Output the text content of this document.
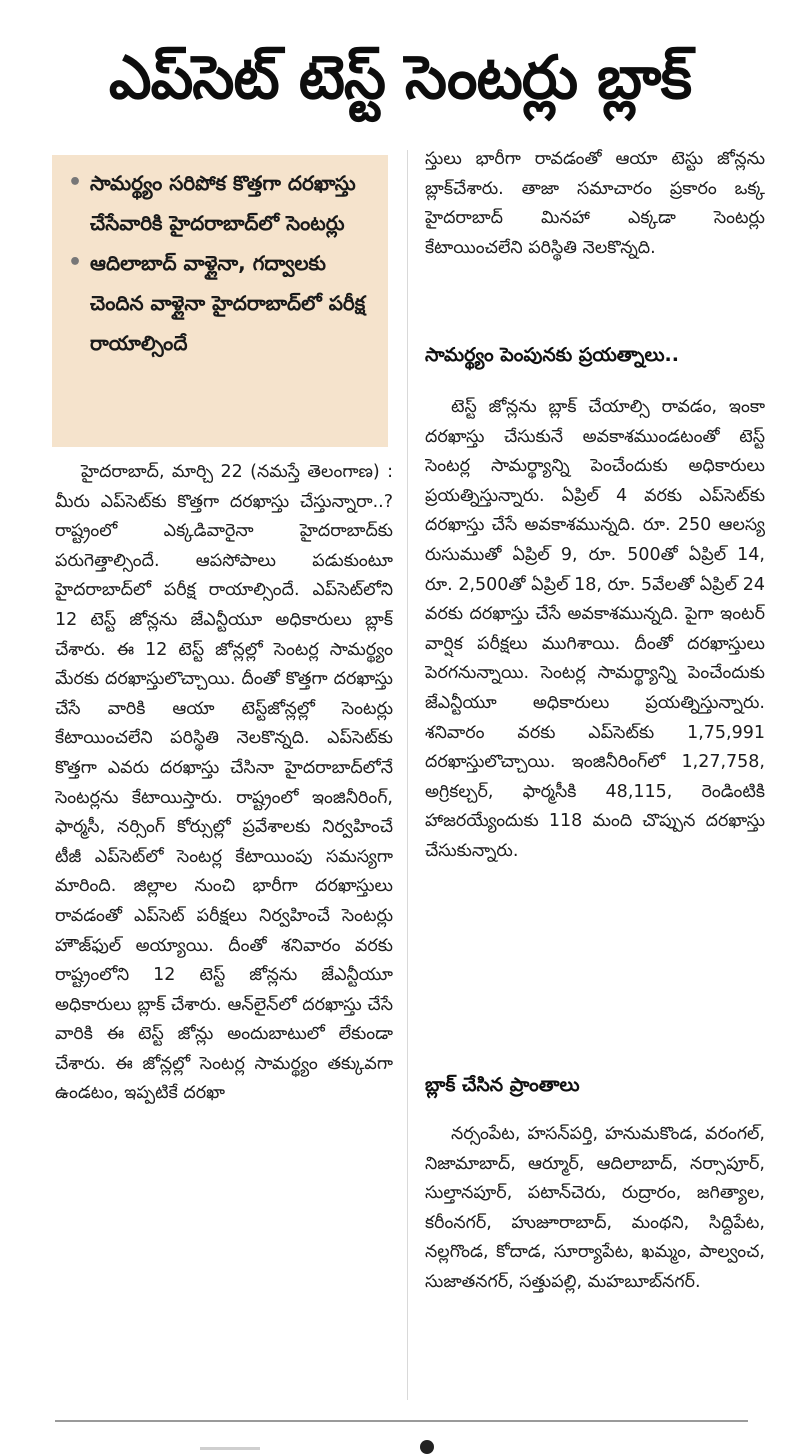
ఎప్‌సెట్ టెస్ట్ సెంటర్లు బ్లాక్
• సామర్థ్యం సరిపోక కొత్తగా దరఖాస్తు చేసేవారికి హైదరాబాద్‌లో సెంటర్లు
• ఆదిలాబాద్ వాళ్లైనా, గద్వాలకు చెందిన వాళ్లైనా హైదరాబాద్‌లో పరీక్ష రాయాల్సిందే

హైదరాబాద్, మార్చి 22 (నమస్తే తెలంగాణ) : మీరు ఎప్‌సెట్‌కు కొత్తగా దరఖాస్తు చేస్తున్నారా..? రాష్ట్రంలో ఎక్కడివారైనా హైదరాబాద్‌కు పరుగెత్తాల్సిందే. ఆపసోపాలు పడుకుంటూ హైదరాబాద్‌లో పరీక్ష రాయాల్సిందే. ఎప్‌సెట్‌లోని 12 టెస్ట్ జోన్లను జేఎన్టీయూ అధికారులు బ్లాక్ చేశారు. ఈ 12 టెస్ట్ జోన్లల్లో సెంటర్ల సామర్థ్యం మేరకు దరఖాస్తులొచ్చాయి. దీంతో కొత్తగా దరఖాస్తు చేసే వారికి ఆయా టెస్ట్‌జోన్లల్లో సెంటర్లు కేటాయించలేని పరిస్థితి నెలకొన్నది. ఎప్‌సెట్‌కు కొత్తగా ఎవరు దరఖాస్తు చేసినా హైదరాబాద్‌లోనే సెంటర్లను కేటాయిస్తారు. రాష్ట్రంలో ఇంజినీరింగ్, ఫార్మసీ, నర్సింగ్ కోర్సుల్లో ప్రవేశాలకు నిర్వహించే టీజీ ఎప్‌సెట్‌లో సెంటర్ల కేటాయింపు సమస్యగా మారింది. జిల్లాల నుంచి భారీగా దరఖాస్తులు రావడంతో ఎప్‌సెట్ పరీక్షలు నిర్వహించే సెంటర్లు హౌజ్‌ఫుల్ అయ్యాయి. దీంతో శనివారం వరకు రాష్ట్రంలోని 12 టెస్ట్ జోన్లను జేఎన్టీయూ అధికారులు బ్లాక్ చేశారు. ఆన్‌లైన్‌లో దరఖాస్తు చేసే వారికి ఈ టెస్ట్ జోన్లు అందుబాటులో లేకుండా చేశారు. ఈ జోన్లల్లో సెంటర్ల సామర్థ్యం తక్కువగా ఉండటం, ఇప్పటికే దరఖా

స్తులు భారీగా రావడంతో ఆయా టెస్టు జోన్లను బ్లాక్‌చేశారు. తాజా సమాచారం ప్రకారం ఒక్క హైదరాబాద్ మినహా ఎక్కడా సెంటర్లు కేటాయించలేని పరిస్థితి నెలకొన్నది.

సామర్థ్యం పెంపునకు ప్రయత్నాలు..

టెస్ట్ జోన్లను బ్లాక్ చేయాల్సి రావడం, ఇంకా దరఖాస్తు చేసుకునే అవకాశముండటంతో టెస్ట్ సెంటర్ల సామర్థ్యాన్ని పెంచేందుకు అధికారులు ప్రయత్నిస్తున్నారు. ఏప్రిల్ 4 వరకు ఎప్‌సెట్‌కు దరఖాస్తు చేసే అవకాశమున్నది. రూ. 250 ఆలస్య రుసుముతో ఏప్రిల్ 9, రూ. 500తో ఏప్రిల్ 14, రూ. 2,500తో ఏప్రిల్ 18, రూ. 5వేలతో ఏప్రిల్ 24 వరకు దరఖాస్తు చేసే అవకాశమున్నది. పైగా ఇంటర్ వార్షిక పరీక్షలు ముగిశాయి. దీంతో దరఖాస్తులు పెరగనున్నాయి. సెంటర్ల సామర్థ్యాన్ని పెంచేందుకు జేఎన్టీయూ అధికారులు ప్రయత్నిస్తున్నారు. శనివారం వరకు ఎప్‌సెట్‌కు 1,75,991 దరఖాస్తులొచ్చాయి. ఇంజినీరింగ్‌లో 1,27,758, అగ్రికల్చర్, ఫార్మసీకి 48,115, రెండింటికి హాజరయ్యేందుకు 118 మంది చొప్పున దరఖాస్తు చేసుకున్నారు.

బ్లాక్ చేసిన ప్రాంతాలు

నర్సంపేట, హసన్‌పర్తి, హనుమకొండ, వరంగల్, నిజామాబాద్, ఆర్మూర్, ఆదిలాబాద్, నర్సాపూర్, సుల్తానపూర్, పటాన్‌చెరు, రుద్రారం, జగిత్యాల, కరీంనగర్, హుజూరాబాద్, మంథని, సిద్దిపేట, నల్లగొండ, కోదాడ, సూర్యాపేట, ఖమ్మం, పాల్వంచ, సుజాతనగర్, సత్తుపల్లి, మహబూబ్‌నగర్.
